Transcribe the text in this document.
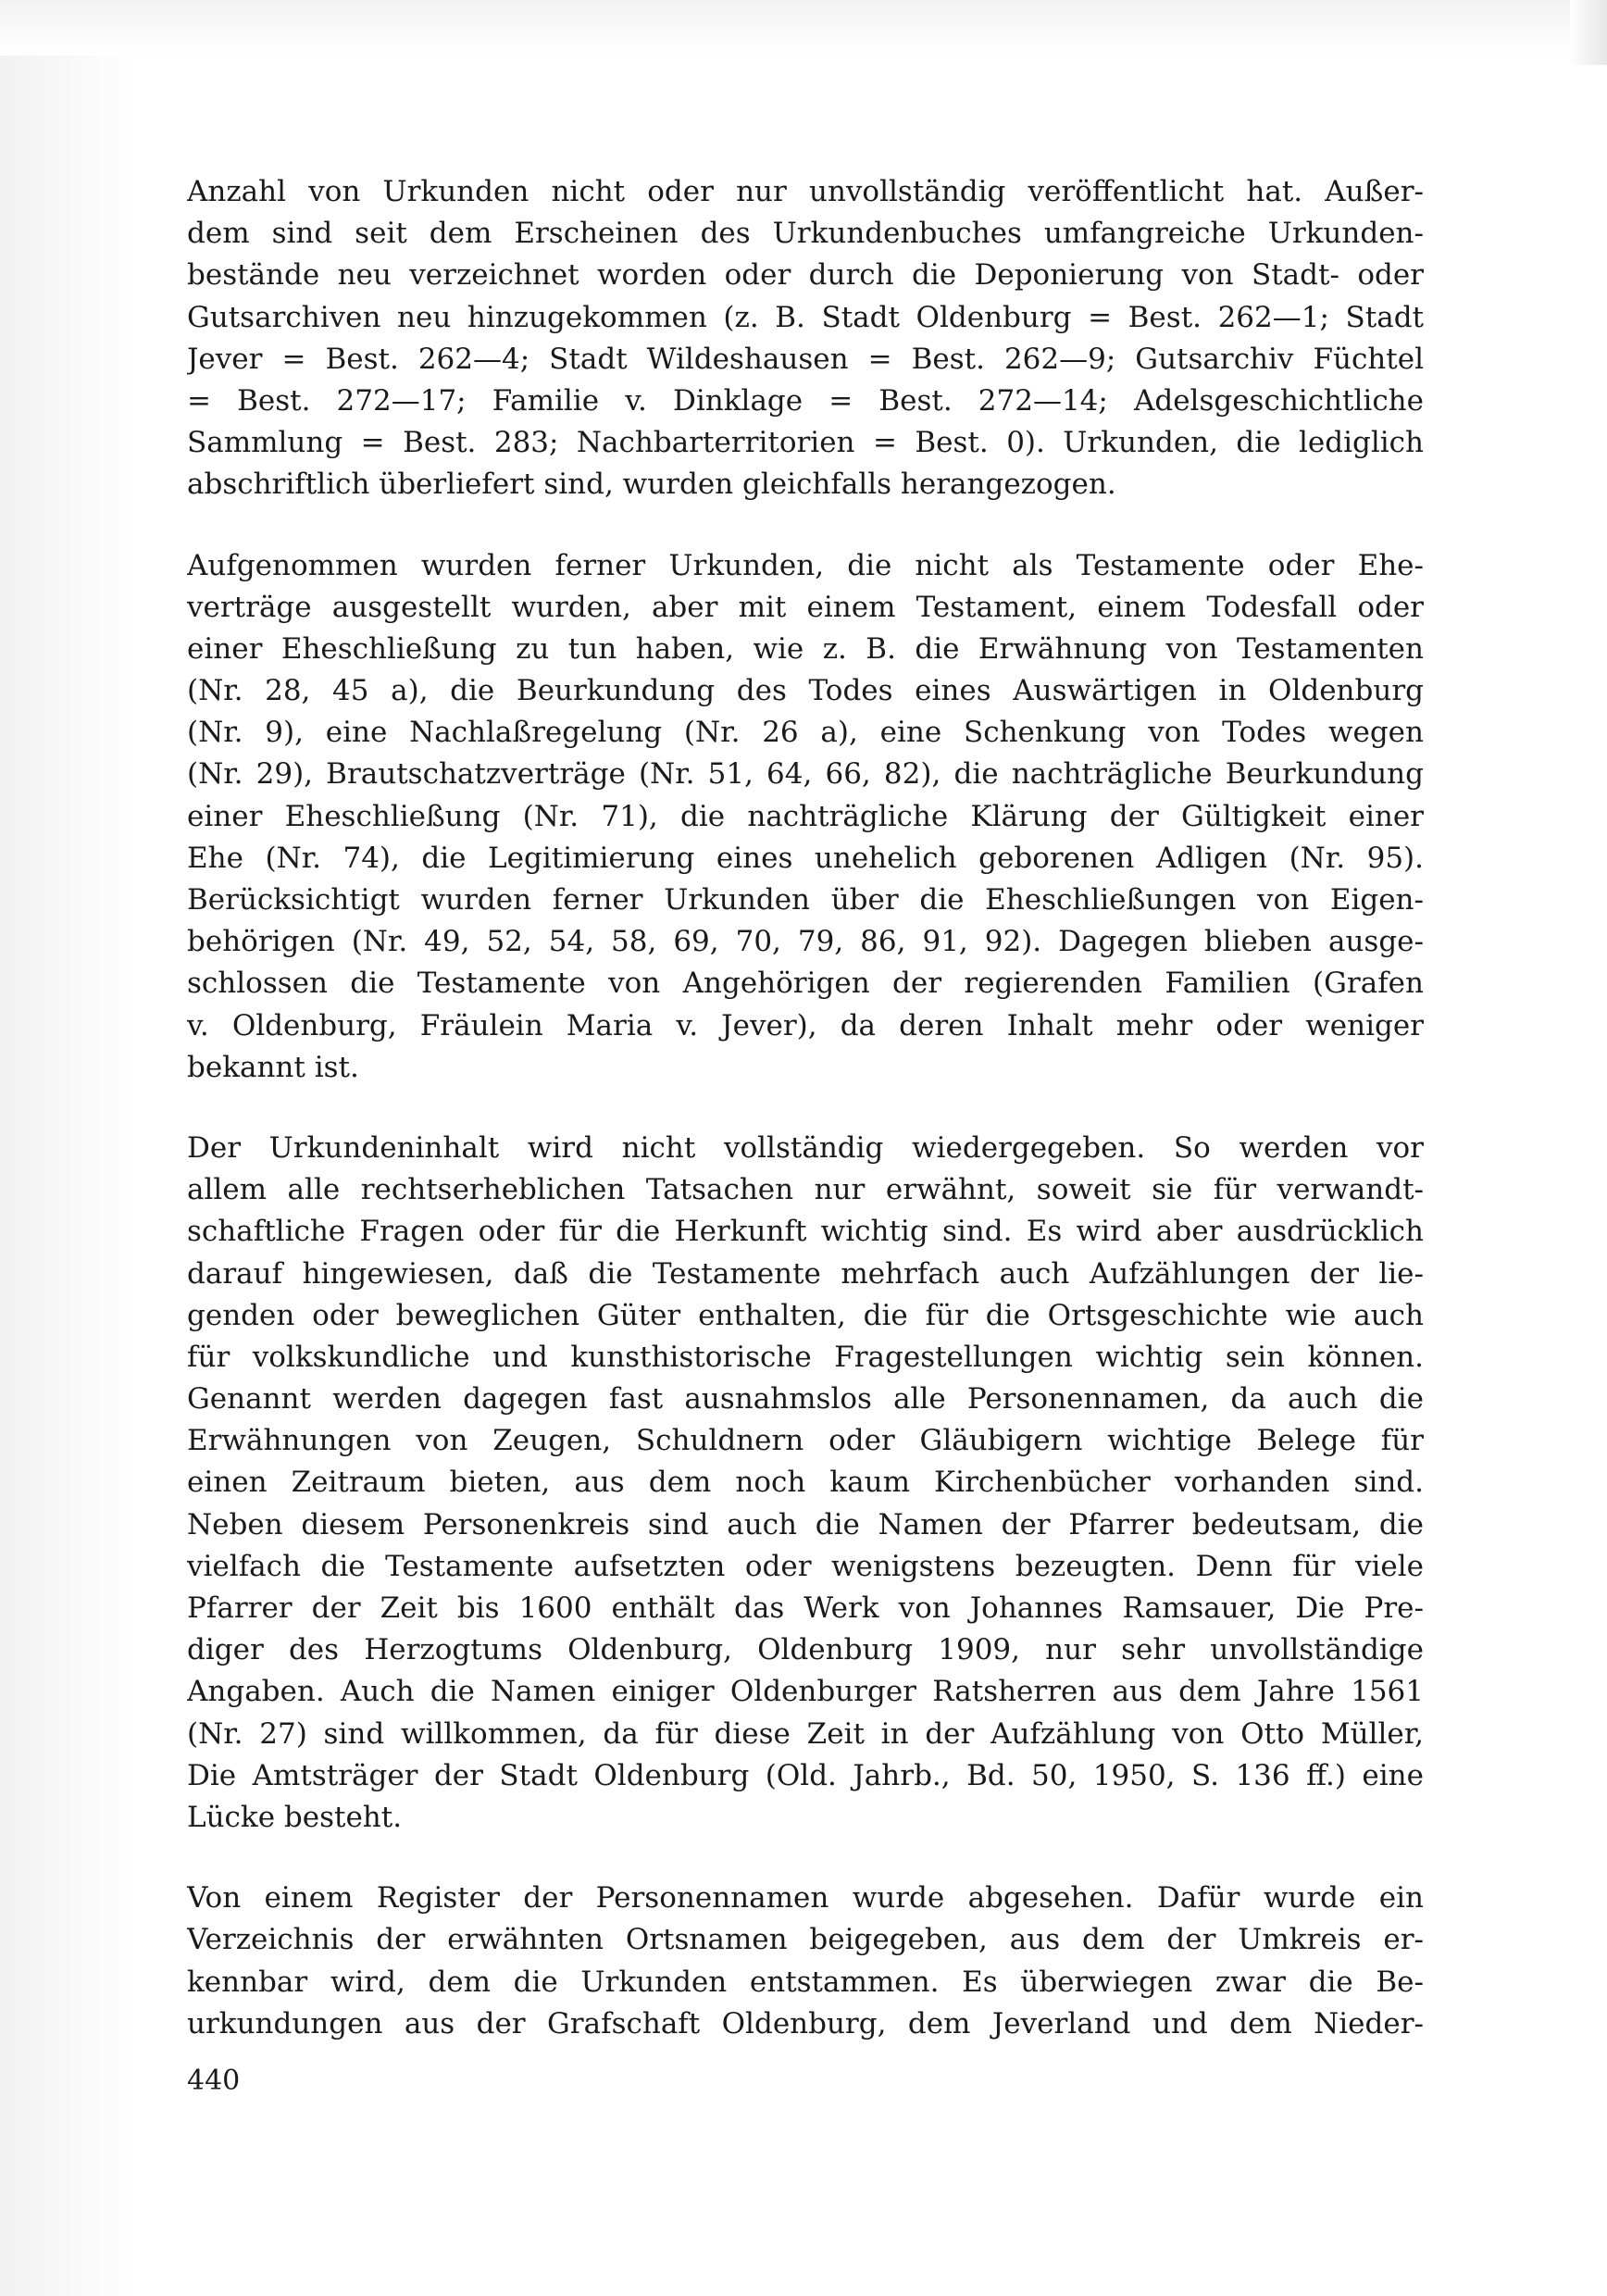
Anzahl von Urkunden nicht oder nur unvollständig veröffentlicht hat. Außer-
dem sind seit dem Erscheinen des Urkundenbuches umfangreiche Urkunden-
bestände neu verzeichnet worden oder durch die Deponierung von Stadt- oder
Gutsarchiven neu hinzugekommen (z. B. Stadt Oldenburg = Best. 262—1; Stadt
Jever = Best. 262—4; Stadt Wildeshausen = Best. 262—9; Gutsarchiv Füchtel
= Best. 272—17; Familie v. Dinklage = Best. 272—14; Adelsgeschichtliche
Sammlung = Best. 283; Nachbarterritorien = Best. 0). Urkunden, die lediglich
abschriftlich überliefert sind, wurden gleichfalls herangezogen.
Aufgenommen wurden ferner Urkunden, die nicht als Testamente oder Ehe-
verträge ausgestellt wurden, aber mit einem Testament, einem Todesfall oder
einer Eheschließung zu tun haben, wie z. B. die Erwähnung von Testamenten
(Nr. 28, 45 a), die Beurkundung des Todes eines Auswärtigen in Oldenburg
(Nr. 9), eine Nachlaßregelung (Nr. 26 a), eine Schenkung von Todes wegen
(Nr. 29), Brautschatzverträge (Nr. 51, 64, 66, 82), die nachträgliche Beurkundung
einer Eheschließung (Nr. 71), die nachträgliche Klärung der Gültigkeit einer
Ehe (Nr. 74), die Legitimierung eines unehelich geborenen Adligen (Nr. 95).
Berücksichtigt wurden ferner Urkunden über die Eheschließungen von Eigen-
behörigen (Nr. 49, 52, 54, 58, 69, 70, 79, 86, 91, 92). Dagegen blieben ausge-
schlossen die Testamente von Angehörigen der regierenden Familien (Grafen
v. Oldenburg, Fräulein Maria v. Jever), da deren Inhalt mehr oder weniger
bekannt ist.
Der Urkundeninhalt wird nicht vollständig wiedergegeben. So werden vor
allem alle rechtserheblichen Tatsachen nur erwähnt, soweit sie für verwandt-
schaftliche Fragen oder für die Herkunft wichtig sind. Es wird aber ausdrücklich
darauf hingewiesen, daß die Testamente mehrfach auch Aufzählungen der lie-
genden oder beweglichen Güter enthalten, die für die Ortsgeschichte wie auch
für volkskundliche und kunsthistorische Fragestellungen wichtig sein können.
Genannt werden dagegen fast ausnahmslos alle Personennamen, da auch die
Erwähnungen von Zeugen, Schuldnern oder Gläubigern wichtige Belege für
einen Zeitraum bieten, aus dem noch kaum Kirchenbücher vorhanden sind.
Neben diesem Personenkreis sind auch die Namen der Pfarrer bedeutsam, die
vielfach die Testamente aufsetzten oder wenigstens bezeugten. Denn für viele
Pfarrer der Zeit bis 1600 enthält das Werk von Johannes Ramsauer, Die Pre-
diger des Herzogtums Oldenburg, Oldenburg 1909, nur sehr unvollständige
Angaben. Auch die Namen einiger Oldenburger Ratsherren aus dem Jahre 1561
(Nr. 27) sind willkommen, da für diese Zeit in der Aufzählung von Otto Müller,
Die Amtsträger der Stadt Oldenburg (Old. Jahrb., Bd. 50, 1950, S. 136 ff.) eine
Lücke besteht.
Von einem Register der Personennamen wurde abgesehen. Dafür wurde ein
Verzeichnis der erwähnten Ortsnamen beigegeben, aus dem der Umkreis er-
kennbar wird, dem die Urkunden entstammen. Es überwiegen zwar die Be-
urkundungen aus der Grafschaft Oldenburg, dem Jeverland und dem Nieder-
440
